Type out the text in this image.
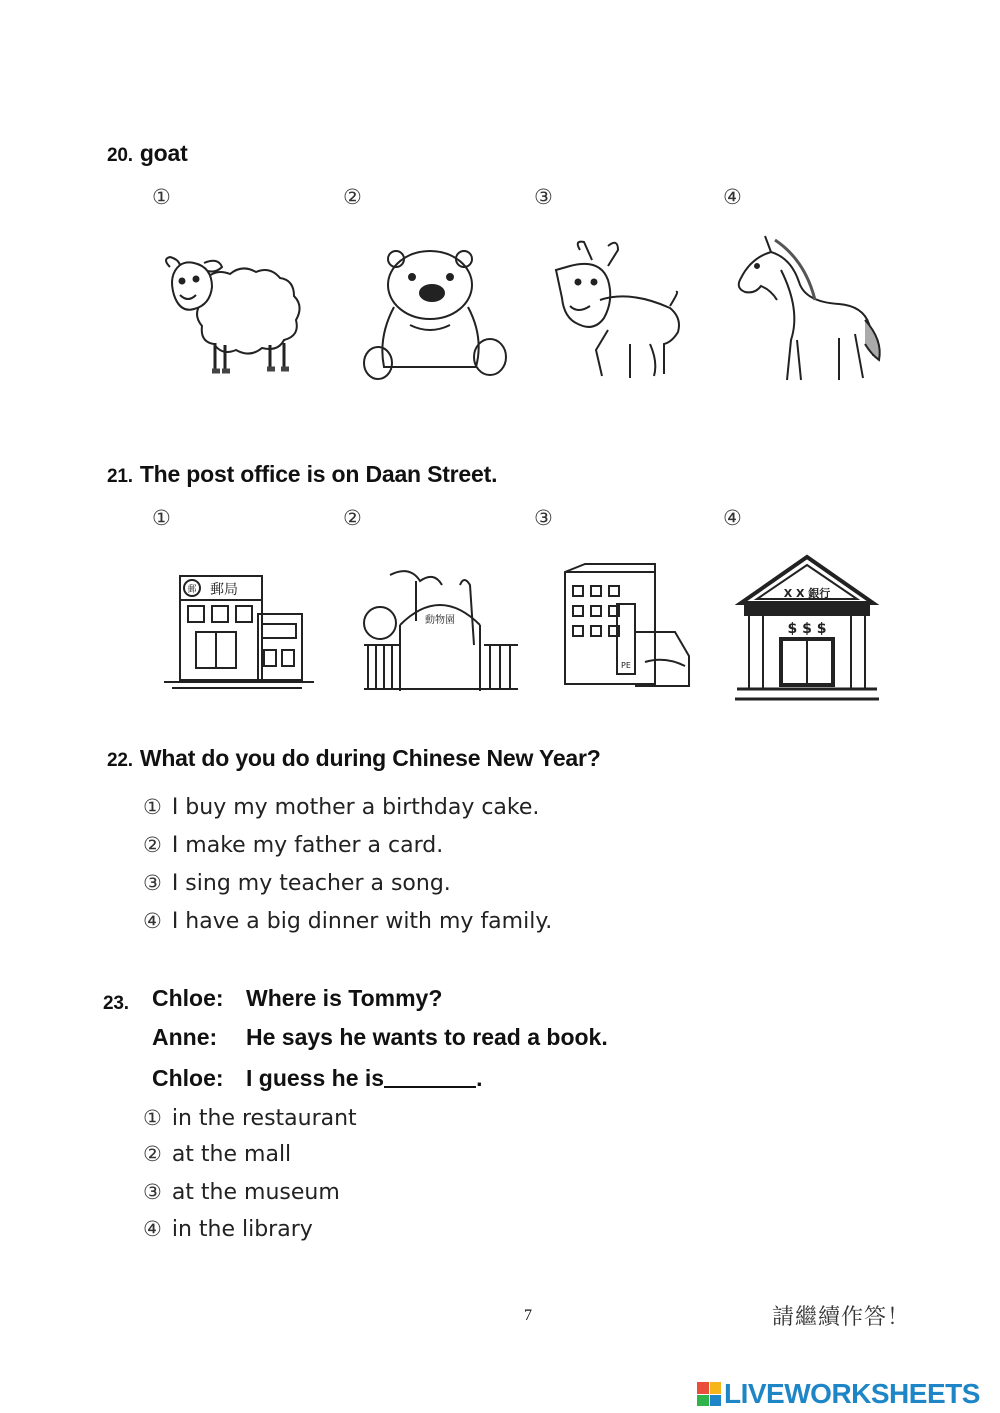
20. goat
①	②	③	④
21. The post office is on Daan Street.
①	②	③	④
郵 郵局
動物園
PE
X X 銀行
$ $ $
22. What do you do during Chinese New Year?
① I buy my mother a birthday cake.
② I make my father a card.
③ I sing my teacher a song.
④ I have a big dinner with my family.
23.	Chloe: Where is Tommy?
Anne: He says he wants to read a book.
Chloe: I guess he is	.
① in the restaurant
② at the mall
③ at the museum
④ in the library
7	請繼續作答！
LIVEWORKSHEETS
